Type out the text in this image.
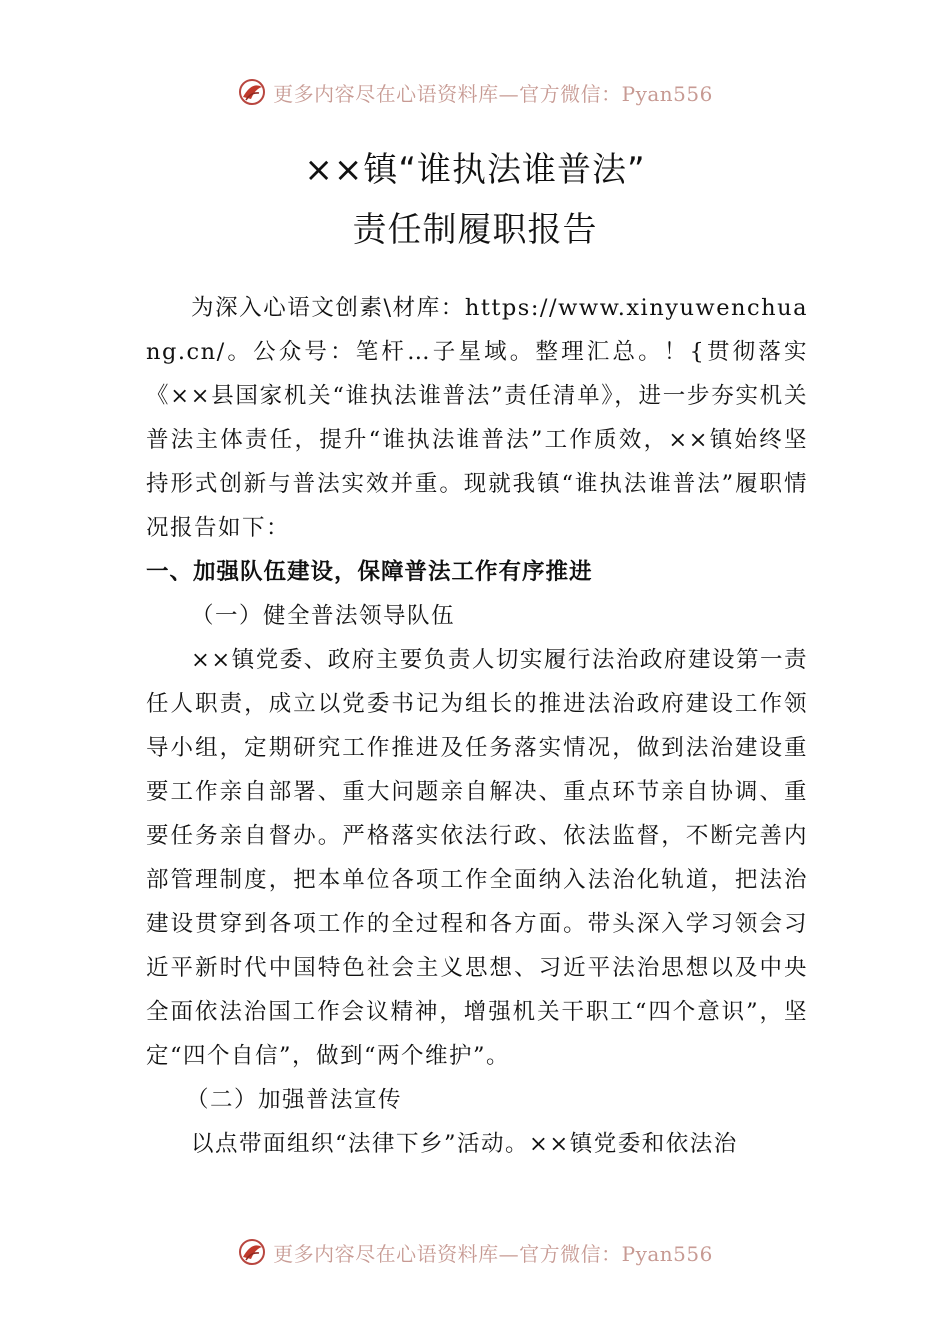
更多内容尽在心语资料库—官方微信：Pyan556
××镇“谁执法谁普法”
责任制履职报告

为深入心语文创素\材库：https://www.xinyuwenchuang.cn/。公众号：笔杆…子星域。整理汇总。！{贯彻落实《××县国家机关“谁执法谁普法”责任清单》，进一步夯实机关普法主体责任，提升“谁执法谁普法”工作质效，××镇始终坚持形式创新与普法实效并重。现就我镇“谁执法谁普法”履职情况报告如下：

一、加强队伍建设，保障普法工作有序推进

（一）健全普法领导队伍

××镇党委、政府主要负责人切实履行法治政府建设第一责任人职责，成立以党委书记为组长的推进法治政府建设工作领导小组，定期研究工作推进及任务落实情况，做到法治建设重要工作亲自部署、重大问题亲自解决、重点环节亲自协调、重要任务亲自督办。严格落实依法行政、依法监督，不断完善内部管理制度，把本单位各项工作全面纳入法治化轨道，把法治建设贯穿到各项工作的全过程和各方面。带头深入学习领会习近平新时代中国特色社会主义思想、习近平法治思想以及中央全面依法治国工作会议精神，增强机关干职工“四个意识”，坚定“四个自信”，做到“两个维护”。

（二）加强普法宣传

以点带面组织“法律下乡”活动。××镇党委和依法治

更多内容尽在心语资料库—官方微信：Pyan556
